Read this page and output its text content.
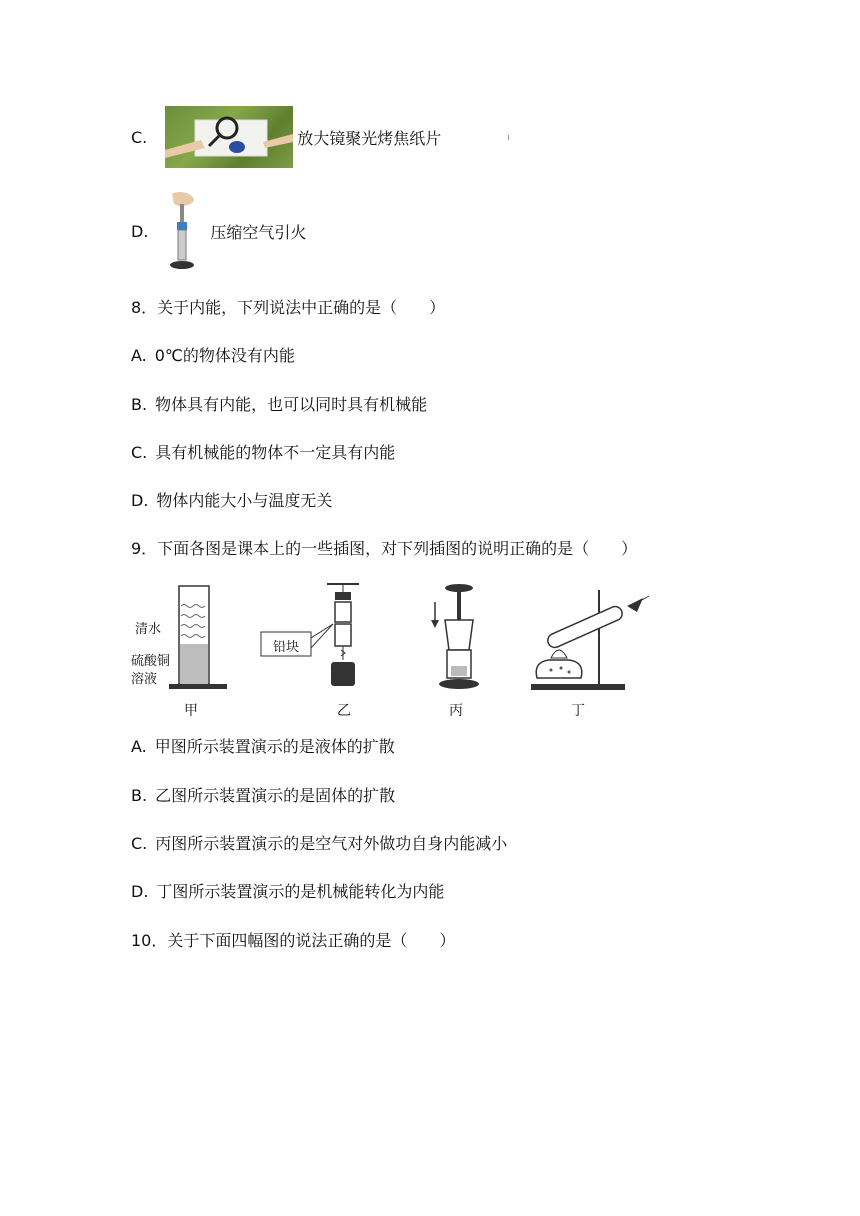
C.	放大镜聚光烤焦纸片
D.	压缩空气引火
8．关于内能，下列说法中正确的是（　　）
A. 0℃的物体没有内能
B. 物体具有内能，也可以同时具有机械能
C. 具有机械能的物体不一定具有内能
D. 物体内能大小与温度无关
9．下面各图是课本上的一些插图，对下列插图的说明正确的是（　　）
清水
硫酸铜
溶液
甲
铅块
乙	丙	丁
A. 甲图所示装置演示的是液体的扩散
B. 乙图所示装置演示的是固体的扩散
C. 丙图所示装置演示的是空气对外做功自身内能减小
D. 丁图所示装置演示的是机械能转化为内能
10．关于下面四幅图的说法正确的是（　　）
